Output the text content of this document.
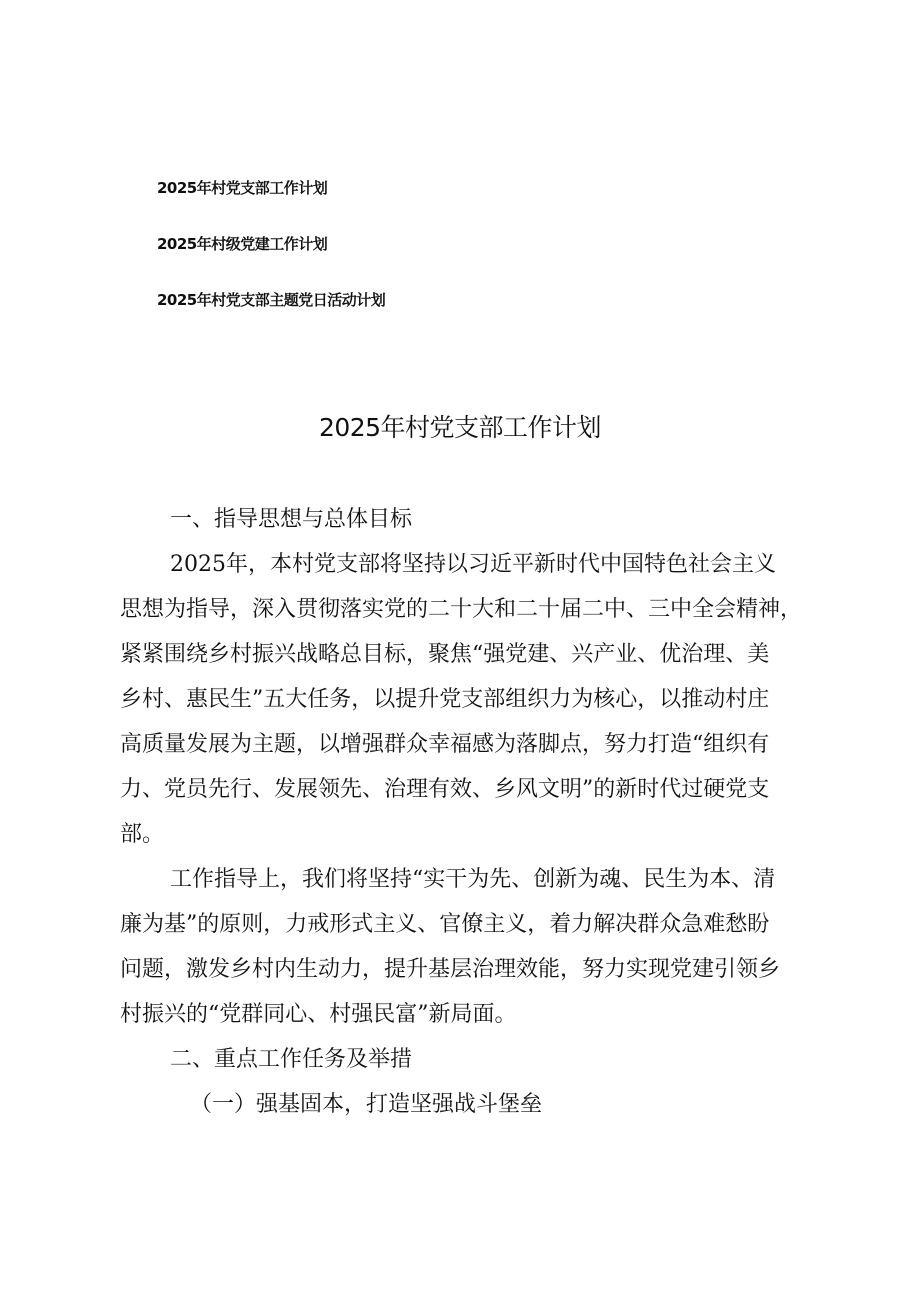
2025年村党支部工作计划
2025年村级党建工作计划
2025年村党支部主题党日活动计划
2025年村党支部工作计划
一、指导思想与总体目标
2025年，本村党支部将坚持以习近平新时代中国特色社会主义
思想为指导，深入贯彻落实党的二十大和二十届二中、三中全会精神，
紧紧围绕乡村振兴战略总目标，聚焦“强党建、兴产业、优治理、美
乡村、惠民生”五大任务，以提升党支部组织力为核心，以推动村庄
高质量发展为主题，以增强群众幸福感为落脚点，努力打造“组织有
力、党员先行、发展领先、治理有效、乡风文明”的新时代过硬党支
部。
工作指导上，我们将坚持“实干为先、创新为魂、民生为本、清
廉为基”的原则，力戒形式主义、官僚主义，着力解决群众急难愁盼
问题，激发乡村内生动力，提升基层治理效能，努力实现党建引领乡
村振兴的“党群同心、村强民富”新局面。
二、重点工作任务及举措
（一）强基固本，打造坚强战斗堡垒
